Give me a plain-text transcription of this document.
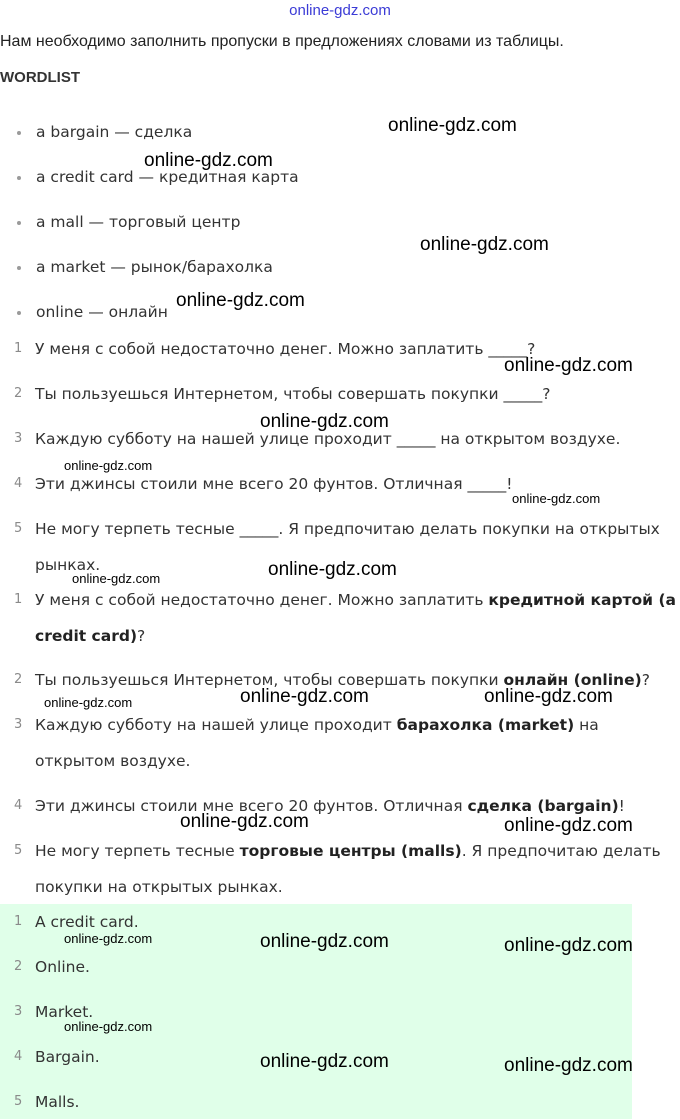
online-gdz.com
Нам необходимо заполнить пропуски в предложениях словами из таблицы.
WORDLIST
a bargain — сделка
a credit card — кредитная карта
a mall — торговый центр
a market — рынок/барахолка
online — онлайн
1 У меня с собой недостаточно денег. Можно заплатить _____?
2 Ты пользуешься Интернетом, чтобы совершать покупки _____?
3 Каждую субботу на нашей улице проходит _____ на открытом воздухе.
4 Эти джинсы стоили мне всего 20 фунтов. Отличная _____!
5 Не могу терпеть тесные _____. Я предпочитаю делать покупки на открытых рынках.
1 У меня с собой недостаточно денег. Можно заплатить кредитной картой (a credit card)?
2 Ты пользуешься Интернетом, чтобы совершать покупки онлайн (online)?
3 Каждую субботу на нашей улице проходит барахолка (market) на открытом воздухе.
4 Эти джинсы стоили мне всего 20 фунтов. Отличная сделка (bargain)!
5 Не могу терпеть тесные торговые центры (malls). Я предпочитаю делать покупки на открытых рынках.
1 A credit card.
2 Online.
3 Market.
4 Bargain.
5 Malls.
online-gdz.com
online-gdz.com
online-gdz.com
online-gdz.com
online-gdz.com
online-gdz.com
online-gdz.com
online-gdz.com
online-gdz.com
online-gdz.com
online-gdz.com	online-gdz.com	online-gdz.com
online-gdz.com	online-gdz.com
online-gdz.com	online-gdz.com	online-gdz.com
online-gdz.com
online-gdz.com	online-gdz.com
